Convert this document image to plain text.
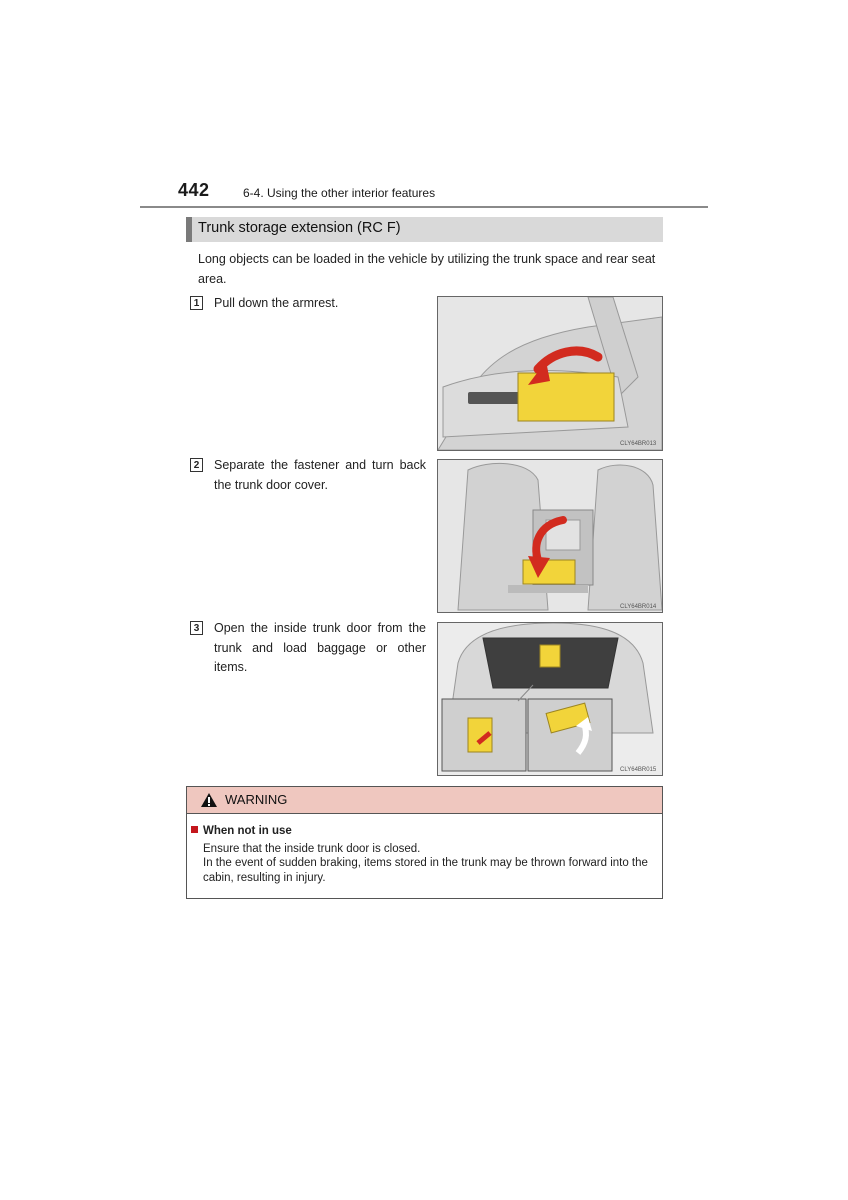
442	6-4. Using the other interior features
Trunk storage extension (RC F)
Long objects can be loaded in the vehicle by utilizing the trunk space and rear seat area.
1 Pull down the armrest.
CLY64BR013
2 Separate the fastener and turn back the trunk door cover.
CLY64BR014
3 Open the inside trunk door from the trunk and load baggage or other items.
CLY64BR015
WARNING
When not in use
Ensure that the inside trunk door is closed.
In the event of sudden braking, items stored in the trunk may be thrown forward into the cabin, resulting in injury.
